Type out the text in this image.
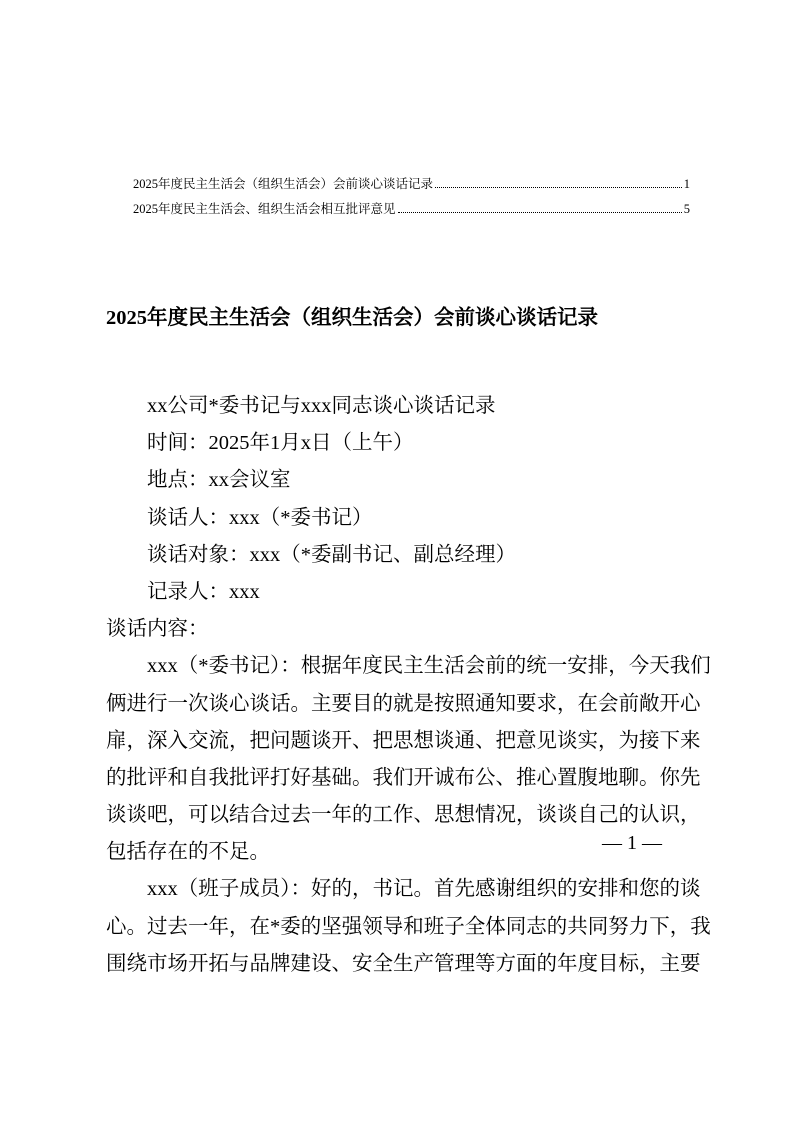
2025年度民主生活会（组织生活会）会前谈心谈话记录	1
2025年度民主生活会、组织生活会相互批评意见	5
2025年度民主生活会（组织生活会）会前谈心谈话记录
xx公司*委书记与xxx同志谈心谈话记录
时间：2025年1月x日（上午）
地点：xx会议室
谈话人：xxx（*委书记）
谈话对象：xxx（*委副书记、副总经理）
记录人：xxx
谈话内容：
xxx（*委书记）：根据年度民主生活会前的统一安排，今天我们
俩进行一次谈心谈话。主要目的就是按照通知要求，在会前敞开心
扉，深入交流，把问题谈开、把思想谈通、把意见谈实，为接下来
的批评和自我批评打好基础。我们开诚布公、推心置腹地聊。你先
谈谈吧，可以结合过去一年的工作、思想情况，谈谈自己的认识，
包括存在的不足。
xxx（班子成员）：好的，书记。首先感谢组织的安排和您的谈
心。过去一年，在*委的坚强领导和班子全体同志的共同努力下，我
围绕市场开拓与品牌建设、安全生产管理等方面的年度目标，主要
— 1 —
